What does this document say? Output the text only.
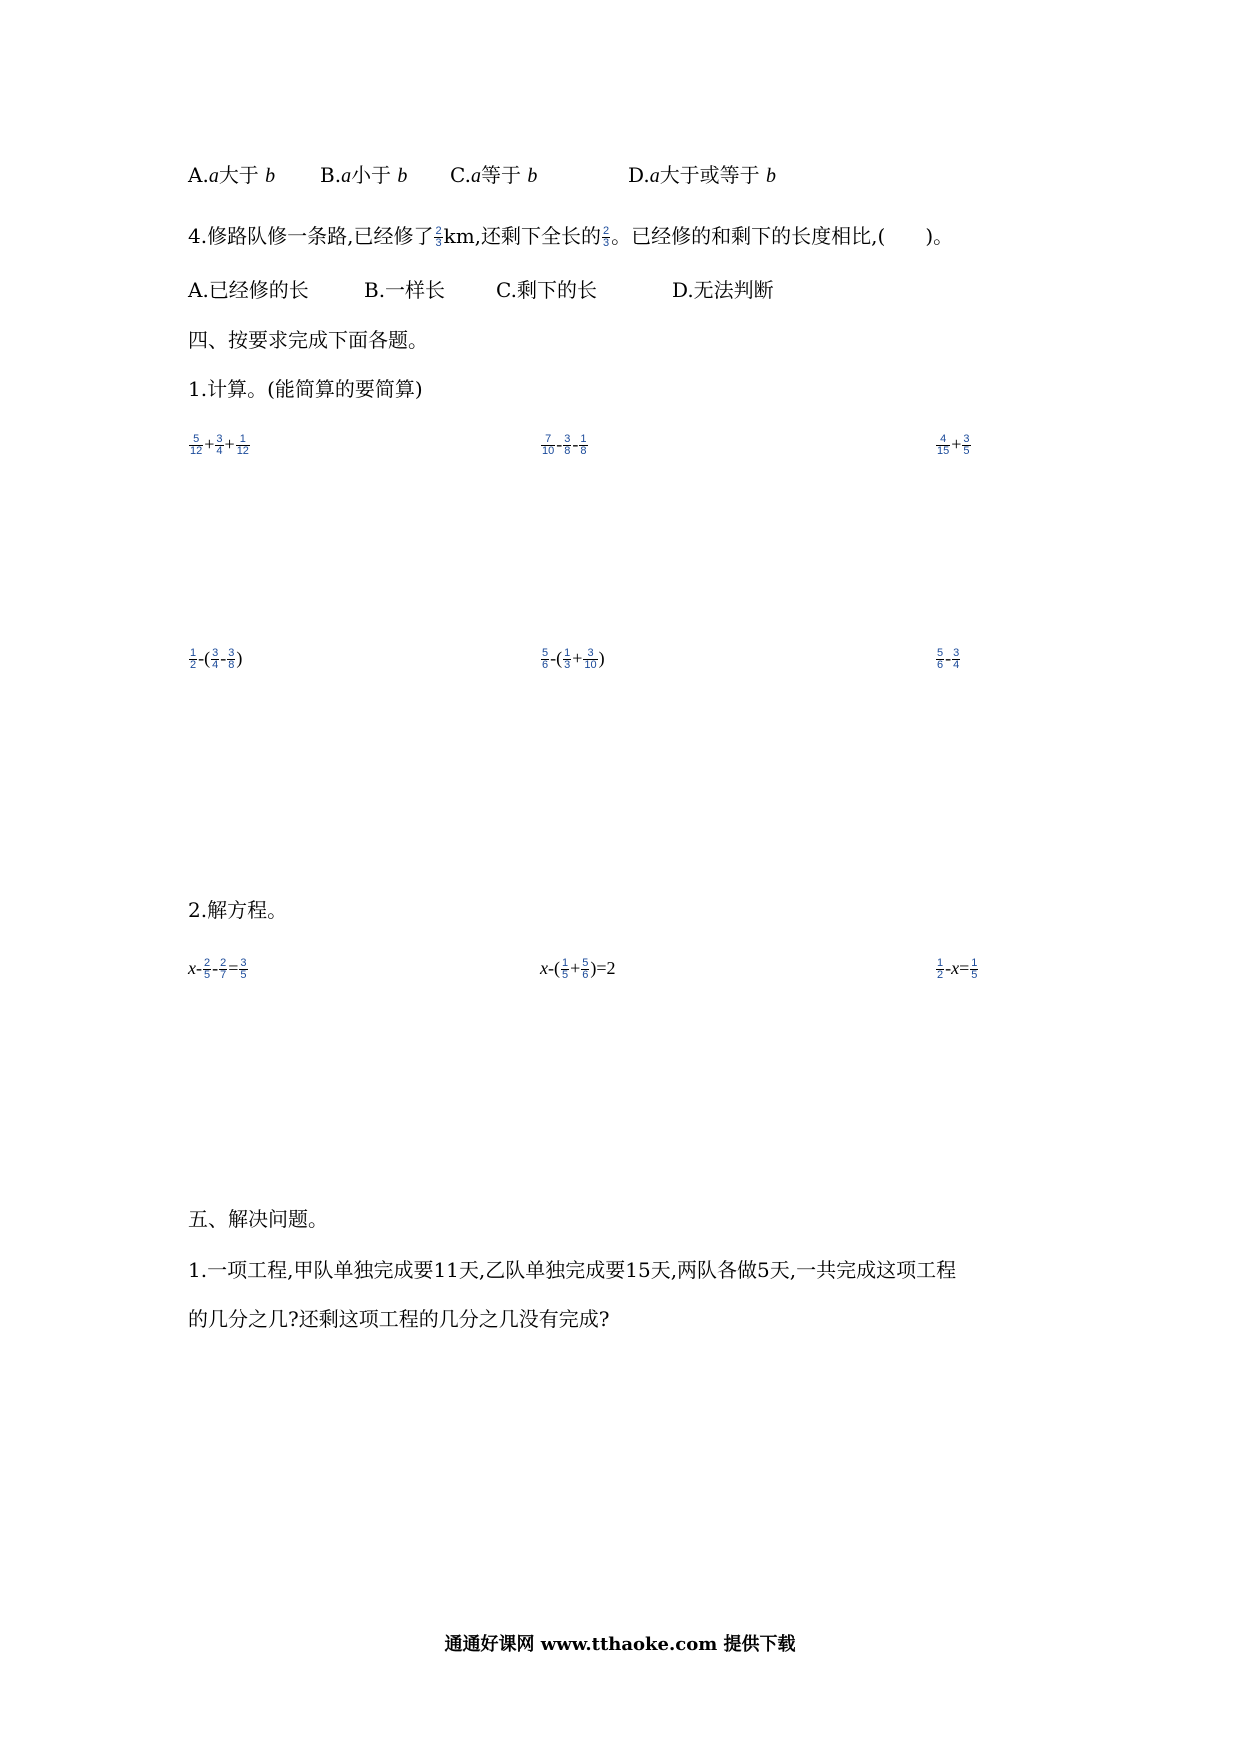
A.a大于 b B.a小于 b C.a等于 b	D.a大于或等于 b
4.修路队修一条路,已经修了 $\frac{2}{3}$ km,还剩下全长的 $\frac{2}{3}$ 。已经修的和剩下的长度相比,(　　)。
A.已经修的长	B.一样长	C.剩下的长	D.无法判断
四、按要求完成下面各题。
1.计算。(能简算的要简算)
$\frac{5}{12} + \frac{3}{4} + \frac{1}{12}$	$\frac{7}{10} - \frac{3}{8} - \frac{1}{8}$	$\frac{4}{15} + \frac{3}{5}$
$\frac{1}{2}$ -( $\frac{3}{4} - \frac{3}{8}$ )	$\frac{5}{6}$ -( $\frac{1}{3} + \frac{3}{10}$ )	$\frac{5}{6} - \frac{3}{4}$
2.解方程。
$x- \frac{2}{5} - \frac{2}{7} = \frac{3}{5}$	$x-( \frac{1}{5} + \frac{5}{6} )=2$	$\frac{1}{2} -x= \frac{1}{5}$
五、解决问题。
1.一项工程,甲队单独完成要11天,乙队单独完成要15天,两队各做5天,一共完成这项工程
的几分之几?还剩这项工程的几分之几没有完成?
通通好课网 www.tthaoke.com 提供下载
